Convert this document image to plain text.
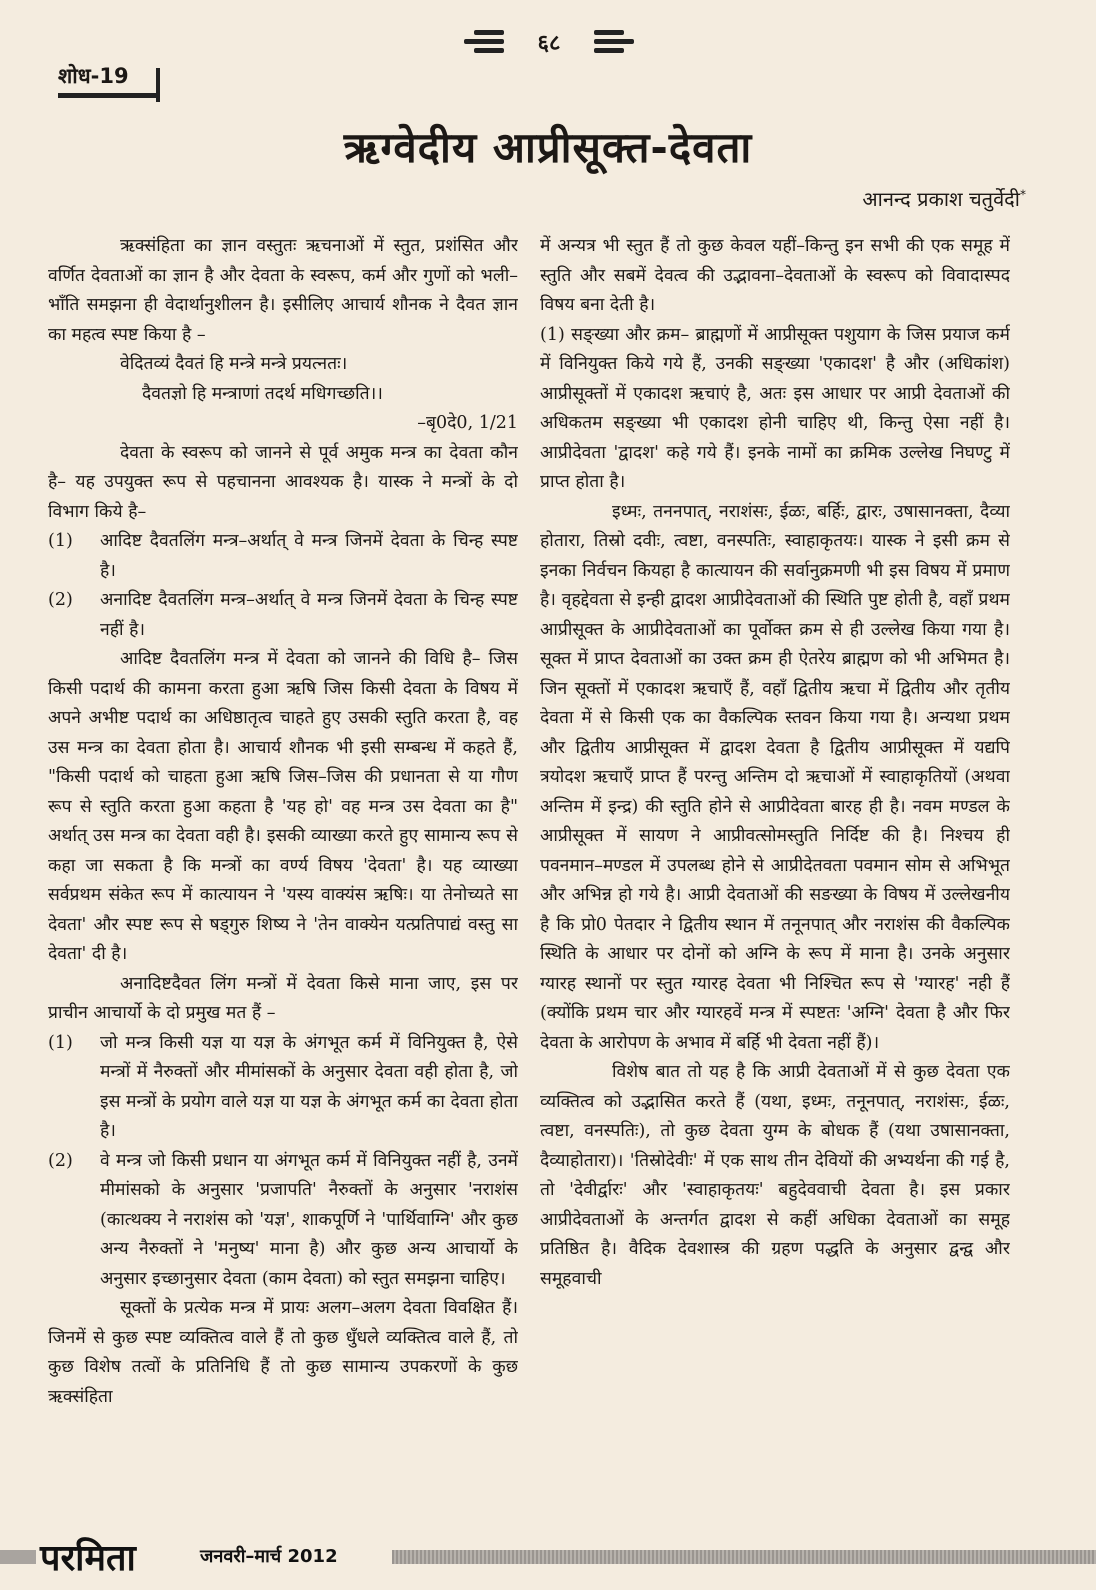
६८
शोध-19
ऋग्वेदीय आप्रीसूक्त-देवता
आनन्द प्रकाश चतुर्वेदी*

ऋक्संहिता का ज्ञान वस्तुतः ऋचनाओं में स्तुत, प्रशंसित और वर्णित देवताओं का ज्ञान है और देवता के स्वरूप, कर्म और गुणों को भली–भाँति समझना ही वेदार्थानुशीलन है। इसीलिए आचार्य शौनक ने दैवत ज्ञान का महत्व स्पष्ट किया है –

वेदितव्यं दैवतं हि मन्त्रे मन्त्रे प्रयत्नतः।

दैवतज्ञो हि मन्त्राणां तदर्थ मधिगच्छति।।

–बृ0दे0, 1/21

देवता के स्वरूप को जानने से पूर्व अमुक मन्त्र का देवता कौन है– यह उपयुक्त रूप से पहचानना आवश्यक है। यास्क ने मन्त्रों के दो विभाग किये है–

(1)	आदिष्ट दैवतलिंग मन्त्र–अर्थात् वे मन्त्र जिनमें देवता के चिन्ह स्पष्ट है।
(2)	अनादिष्ट दैवतलिंग मन्त्र–अर्थात् वे मन्त्र जिनमें देवता के चिन्ह स्पष्ट नहीं है।

आदिष्ट दैवतलिंग मन्त्र में देवता को जानने की विधि है– जिस किसी पदार्थ की कामना करता हुआ ऋषि जिस किसी देवता के विषय में अपने अभीष्ट पदार्थ का अधिष्ठातृत्व चाहते हुए उसकी स्तुति करता है, वह उस मन्त्र का देवता होता है। आचार्य शौनक भी इसी सम्बन्ध में कहते हैं, "किसी पदार्थ को चाहता हुआ ऋषि जिस–जिस की प्रधानता से या गौण रूप से स्तुति करता हुआ कहता है 'यह हो' वह मन्त्र उस देवता का है" अर्थात् उस मन्त्र का देवता वही है। इसकी व्याख्या करते हुए सामान्य रूप से कहा जा सकता है कि मन्त्रों का वर्ण्य विषय 'देवता' है। यह व्याख्या सर्वप्रथम संकेत रूप में कात्यायन ने 'यस्य वाक्यंस ऋषिः। या तेनोच्यते सा देवता' और स्पष्ट रूप से षड्गुरु शिष्य ने 'तेन वाक्येन यत्प्रतिपाद्यं वस्तु सा देवता' दी है।

अनादिष्टदैवत लिंग मन्त्रों में देवता किसे माना जाए, इस पर प्राचीन आचार्यो के दो प्रमुख मत हैं –

(1)	जो मन्त्र किसी यज्ञ या यज्ञ के अंगभूत कर्म में विनियुक्त है, ऐसे मन्त्रों में नैरुक्तों और मीमांसकों के अनुसार देवता वही होता है, जो इस मन्त्रों के प्रयोग वाले यज्ञ या यज्ञ के अंगभूत कर्म का देवता होता है।
(2)	वे मन्त्र जो किसी प्रधान या अंगभूत कर्म में विनियुक्त नहीं है, उनमें मीमांसको के अनुसार 'प्रजापति' नैरुक्तों के अनुसार 'नराशंस (कात्थक्य ने नराशंस को 'यज्ञ', शाकपूर्णि ने 'पार्थिवाग्नि' और कुछ अन्य नैरुक्तों ने 'मनुष्य' माना है) और कुछ अन्य आचार्यो के अनुसार इच्छानुसार देवता (काम देवता) को स्तुत समझना चाहिए।

सूक्तों के प्रत्येक मन्त्र में प्रायः अलग–अलग देवता विवक्षित हैं। जिनमें से कुछ स्पष्ट व्यक्तित्व वाले हैं तो कुछ धुँधले व्यक्तित्व वाले हैं, तो कुछ विशेष तत्वों के प्रतिनिधि हैं तो कुछ सामान्य उपकरणों के कुछ ऋक्संहिता

में अन्यत्र भी स्तुत हैं तो कुछ केवल यहीं–किन्तु इन सभी की एक समूह में स्तुति और सबमें देवत्व की उद्भावना–देवताओं के स्वरूप को विवादास्पद विषय बना देती है।

(1) सङ्ख्या और क्रम– ब्राह्मणों में आप्रीसूक्त पशुयाग के जिस प्रयाज कर्म में विनियुक्त किये गये हैं, उनकी सङ्ख्या 'एकादश' है और (अधिकांश) आप्रीसूक्तों में एकादश ऋचाएं है, अतः इस आधार पर आप्री देवताओं की अधिकतम सङ्ख्या भी एकादश होनी चाहिए थी, किन्तु ऐसा नहीं है। आप्रीदेवता 'द्वादश' कहे गये हैं। इनके नामों का क्रमिक उल्लेख निघण्टु में प्राप्त होता है।

इध्मः, तननपात्, नराशंसः, ईळः, बर्हिः, द्वारः, उषासानक्ता, दैव्या होतारा, तिस्रो दवीः, त्वष्टा, वनस्पतिः, स्वाहाकृतयः। यास्क ने इसी क्रम से इनका निर्वचन कियहा है कात्यायन की सर्वानुक्रमणी भी इस विषय में प्रमाण है। वृहद्देवता से इन्ही द्वादश आप्रीदेवताओं की स्थिति पुष्ट होती है, वहाँ प्रथम आप्रीसूक्त के आप्रीदेवताओं का पूर्वोक्त क्रम से ही उल्लेख किया गया है। सूक्त में प्राप्त देवताओं का उक्त क्रम ही ऐतरेय ब्राह्मण को भी अभिमत है। जिन सूक्तों में एकादश ऋचाएँ हैं, वहाँ द्वितीय ऋचा में द्वितीय और तृतीय देवता में से किसी एक का वैकल्पिक स्तवन किया गया है। अन्यथा प्रथम और द्वितीय आप्रीसूक्त में द्वादश देवता है द्वितीय आप्रीसूक्त में यद्यपि त्रयोदश ऋचाएँ प्राप्त हैं परन्तु अन्तिम दो ऋचाओं में स्वाहाकृतियों (अथवा अन्तिम में इन्द्र) की स्तुति होने से आप्रीदेवता बारह ही है। नवम मण्डल के आप्रीसूक्त में सायण ने आप्रीवत्सोमस्तुति निर्दिष्ट की है। निश्चय ही पवनमान–मण्डल में उपलब्ध होने से आप्रीदेतवता पवमान सोम से अभिभूत और अभिन्न हो गये है। आप्री देवताओं की सङख्या के विषय में उल्लेखनीय है कि प्रो0 पेतदार ने द्वितीय स्थान में तनूनपात् और नराशंस की वैकल्पिक स्थिति के आधार पर दोनों को अग्नि के रूप में माना है। उनके अनुसार ग्यारह स्थानों पर स्तुत ग्यारह देवता भी निश्चित रूप से 'ग्यारह' नही हैं (क्योंकि प्रथम चार और ग्यारहवें मन्त्र में स्पष्टतः 'अग्नि' देवता है और फिर देवता के आरोपण के अभाव में बर्हि भी देवता नहीं हैं)।

विशेष बात तो यह है कि आप्री देवताओं में से कुछ देवता एक व्यक्तित्व को उद्भासित करते हैं (यथा, इध्मः, तनूनपात्, नराशंसः, ईळः, त्वष्टा, वनस्पतिः), तो कुछ देवता युग्म के बोधक हैं (यथा उषासानक्ता, दैव्याहोतारा)। 'तिस्रोदेवीः' में एक साथ तीन देवियों की अभ्यर्थना की गई है, तो 'देवीर्द्वारः' और 'स्वाहाकृतयः' बहुदेववाची देवता है। इस प्रकार आप्रीदेवताओं के अन्तर्गत द्वादश से कहीं अधिका देवताओं का समूह प्रतिष्ठित है। वैदिक देवशास्त्र की ग्रहण पद्धति के अनुसार द्वन्द्व और समूहवाची

परमिता	जनवरी–मार्च 2012
